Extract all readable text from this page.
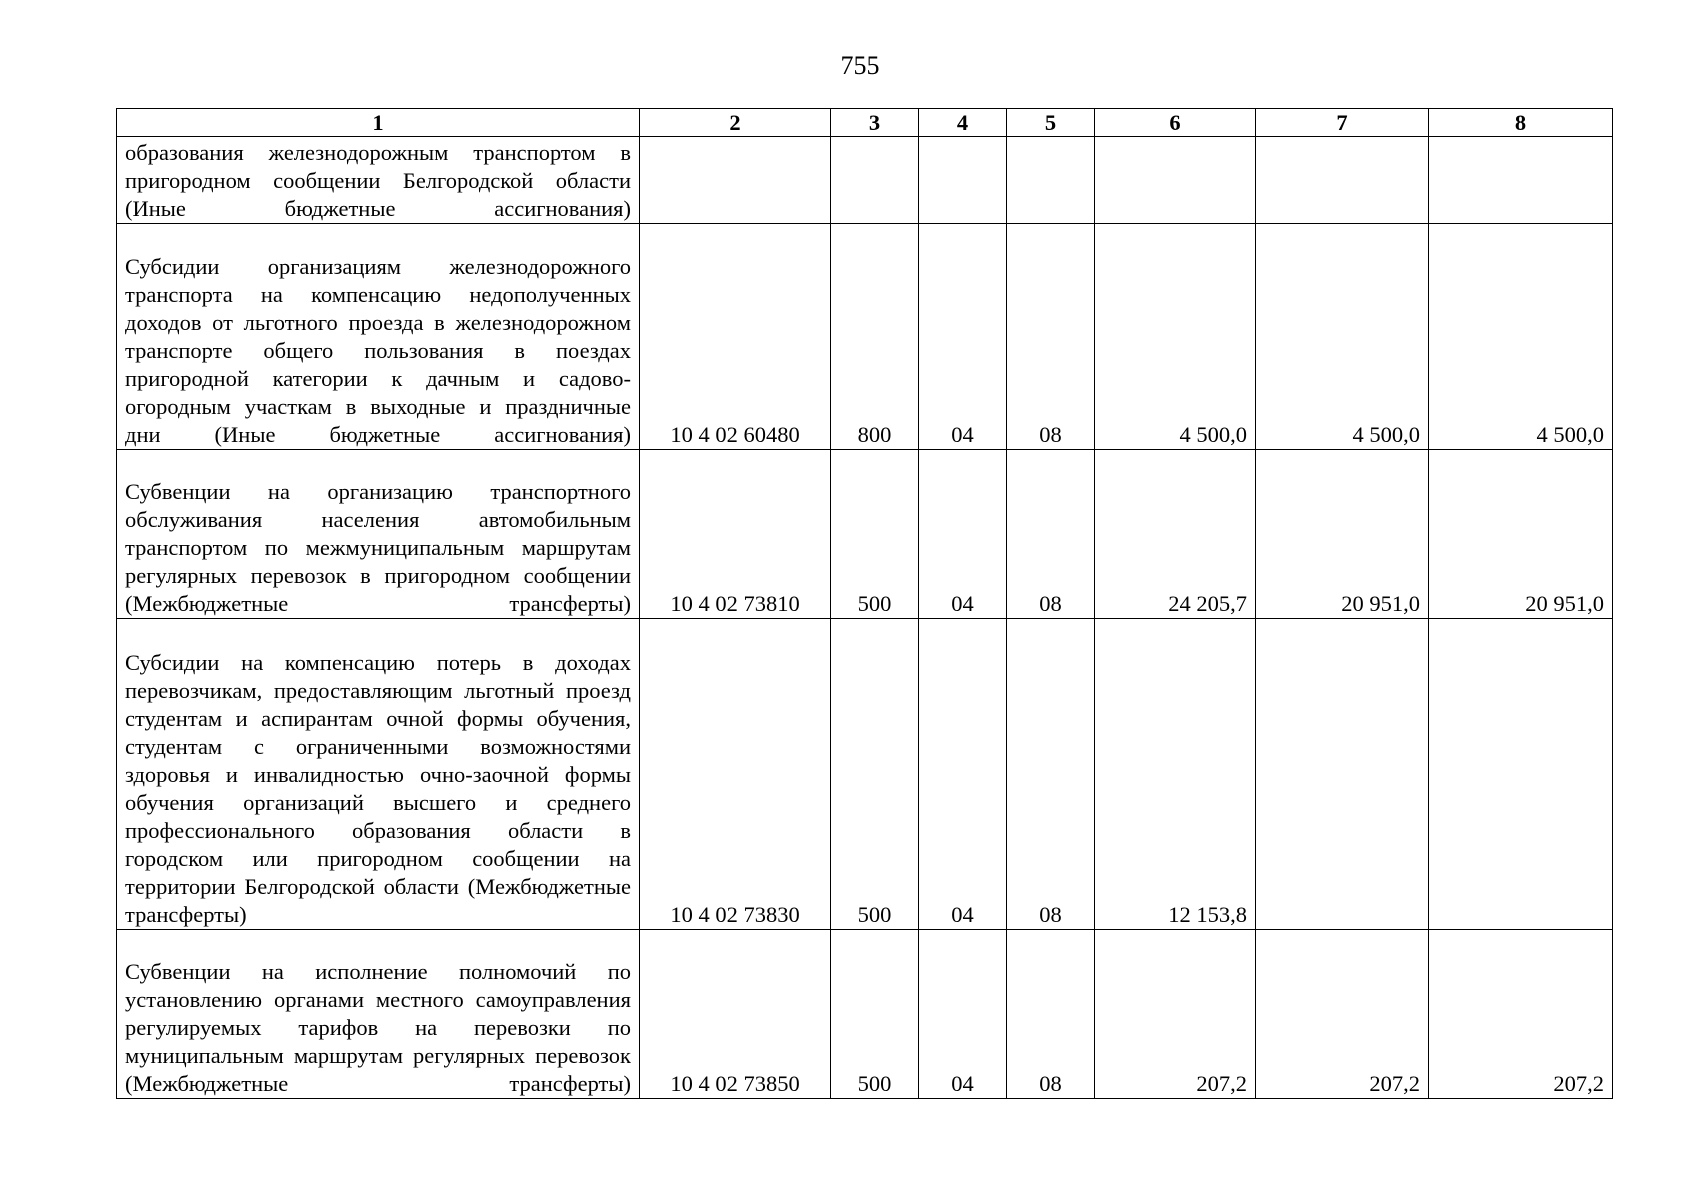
755
1	2	3	4	5	6	7	8
образования железнодорожным транспортом в пригородном сообщении Белгородской области (Иные бюджетные ассигнования)							
Субсидии организациям железнодорожного транспорта на компенсацию недополученных доходов от льготного проезда в железнодорожном транспорте общего пользования в поездах пригородной категории к дачным и садово-огородным участкам в выходные и праздничные дни (Иные бюджетные ассигнования)	10 4 02 60480	800	04	08	4 500,0	4 500,0	4 500,0
Субвенции на организацию транспортного обслуживания населения автомобильным транспортом по межмуниципальным маршрутам регулярных перевозок в пригородном сообщении (Межбюджетные трансферты)	10 4 02 73810	500	04	08	24 205,7	20 951,0	20 951,0
Субсидии на компенсацию потерь в доходах перевозчикам, предоставляющим льготный проезд студентам и аспирантам очной формы обучения, студентам с ограниченными возможностями здоровья и инвалидностью очно-заочной формы обучения организаций высшего и среднего профессионального образования области в городском или пригородном сообщении на территории Белгородской области (Межбюджетные трансферты)	10 4 02 73830	500	04	08	12 153,8		
Субвенции на исполнение полномочий по установлению органами местного самоуправления регулируемых тарифов на перевозки по муниципальным маршрутам регулярных перевозок (Межбюджетные трансферты)	10 4 02 73850	500	04	08	207,2	207,2	207,2
